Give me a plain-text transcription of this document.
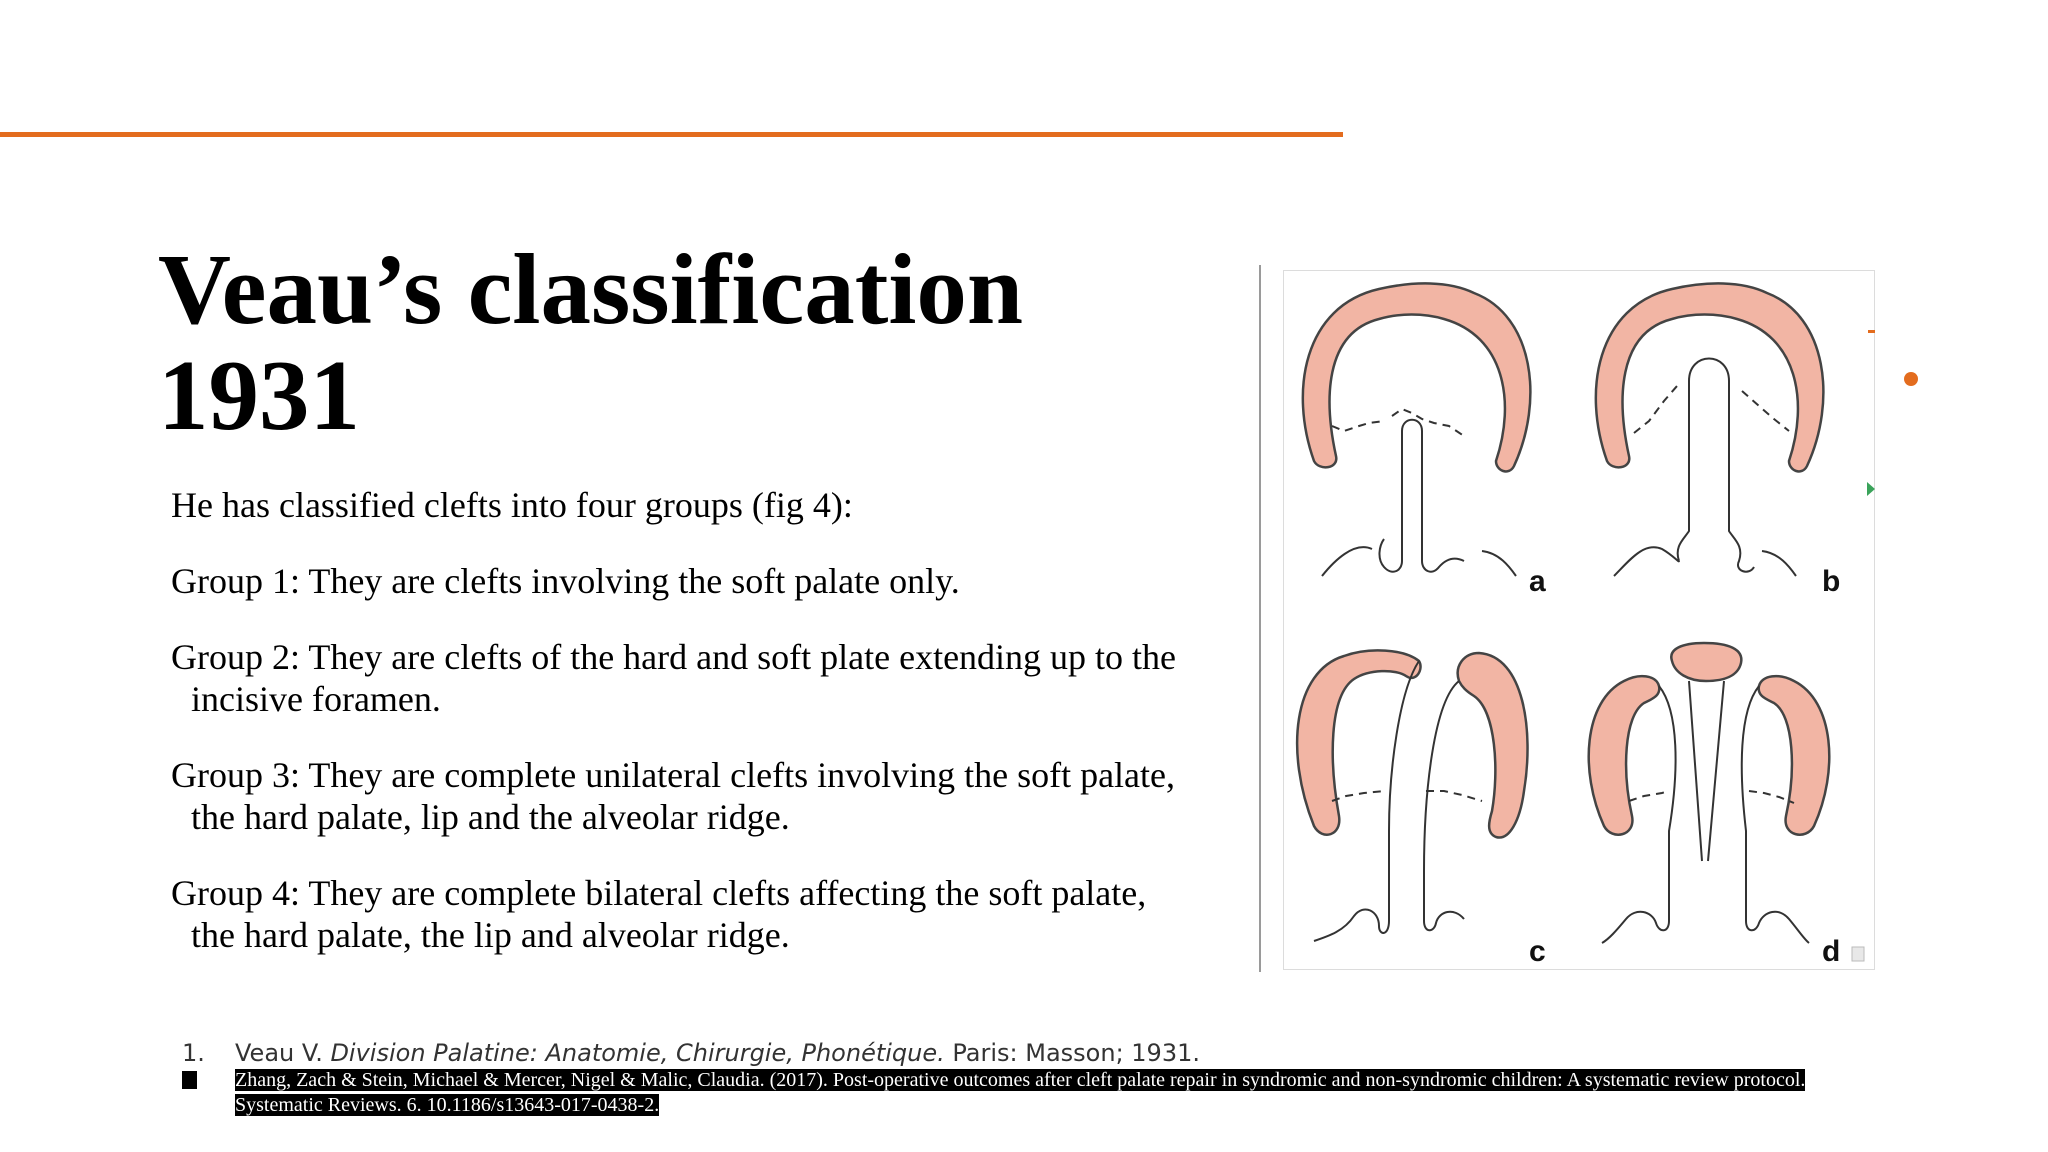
Veau’s classification
1931

He has classified clefts into four groups (fig 4):

Group 1: They are clefts involving the soft palate only.

Group 2: They are clefts of the hard and soft plate extending up to the incisive foramen.

Group 3: They are complete unilateral clefts involving the soft palate, the hard palate, lip and the alveolar ridge.

Group 4: They are complete bilateral clefts affecting the soft palate, the hard palate, the lip and alveolar ridge.

a	b
c	d
1. Veau V. Division Palatine: Anatomie, Chirurgie, Phonétique. Paris: Masson; 1931.
2. Zhang, Zach & Stein, Michael & Mercer, Nigel & Malic, Claudia. (2017). Post-operative outcomes after cleft palate repair in syndromic and non-syndromic children: A systematic review protocol.
Systematic Reviews. 6. 10.1186/s13643-017-0438-2.
